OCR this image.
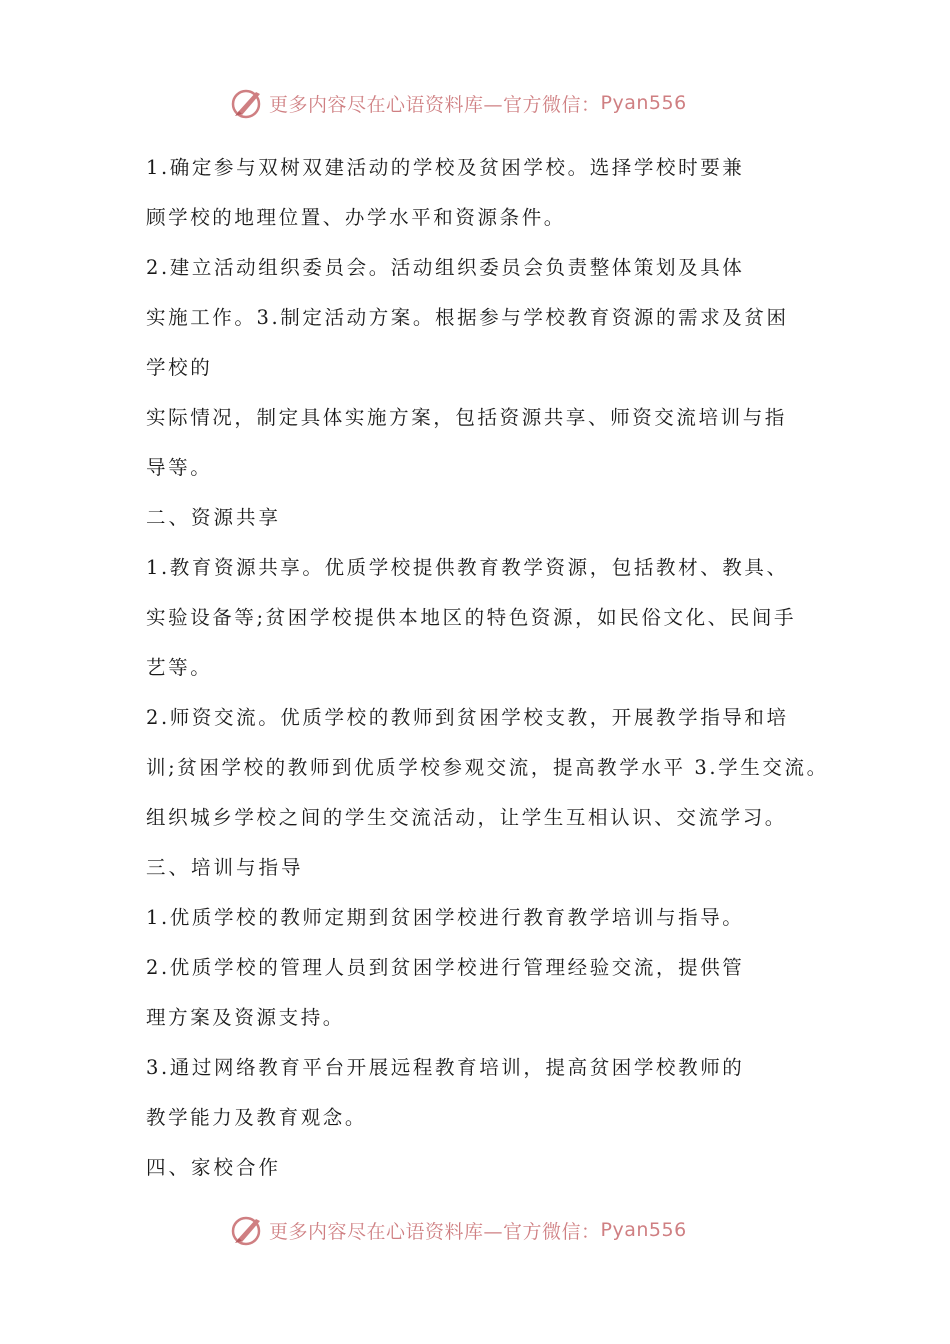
更多内容尽在心语资料库—官方微信： Pyan556
1.确定参与双树双建活动的学校及贫困学校。选择学校时要兼
顾学校的地理位置、办学水平和资源条件。
2.建立活动组织委员会。活动组织委员会负责整体策划及具体
实施工作。3.制定活动方案。根据参与学校教育资源的需求及贫困
学校的
实际情况，制定具体实施方案，包括资源共享、师资交流培训与指
导等。
二、资源共享
1.教育资源共享。优质学校提供教育教学资源，包括教材、教具、
实验设备等;贫困学校提供本地区的特色资源，如民俗文化、民间手
艺等。
2.师资交流。优质学校的教师到贫困学校支教，开展教学指导和培
训;贫困学校的教师到优质学校参观交流，提高教学水平 3.学生交流。
组织城乡学校之间的学生交流活动，让学生互相认识、交流学习。
三、培训与指导
1.优质学校的教师定期到贫困学校进行教育教学培训与指导。
2.优质学校的管理人员到贫困学校进行管理经验交流，提供管
理方案及资源支持。
3.通过网络教育平台开展远程教育培训，提高贫困学校教师的
教学能力及教育观念。
四、家校合作
更多内容尽在心语资料库—官方微信： Pyan556
